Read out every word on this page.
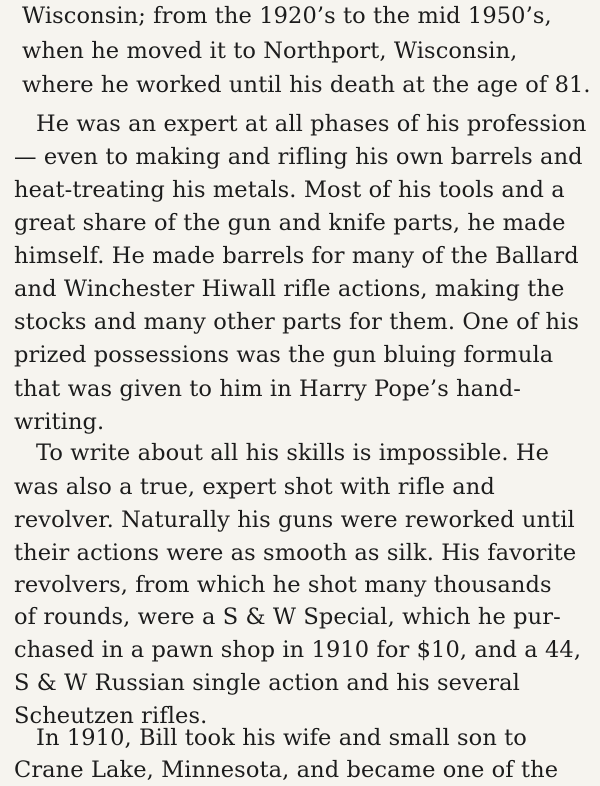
Wisconsin; from the 1920’s to the mid 1950’s,
when he moved it to Northport, Wisconsin,
where he worked until his death at the age of 81.
He was an expert at all phases of his profession
— even to making and rifling his own barrels and
heat-treating his metals. Most of his tools and a
great share of the gun and knife parts, he made
himself. He made barrels for many of the Ballard
and Winchester Hiwall rifle actions, making the
stocks and many other parts for them. One of his
prized possessions was the gun bluing formula
that was given to him in Harry Pope’s hand-
writing.
To write about all his skills is impossible. He
was also a true, expert shot with rifle and
revolver. Naturally his guns were reworked until
their actions were as smooth as silk. His favorite
revolvers, from which he shot many thousands
of rounds, were a S & W Special, which he pur-
chased in a pawn shop in 1910 for $10, and a 44,
S & W Russian single action and his several
Scheutzen rifles.
In 1910, Bill took his wife and small son to
Crane Lake, Minnesota, and became one of the
